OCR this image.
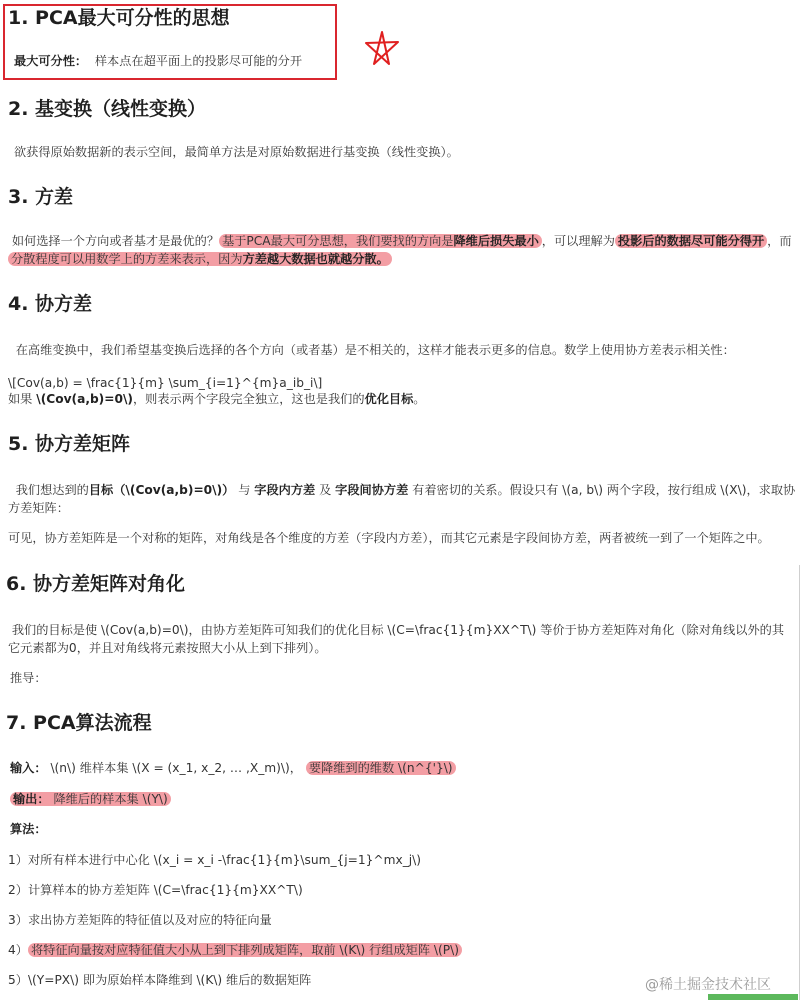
1. PCA最大可分性的思想
最大可分性： 样本点在超平面上的投影尽可能的分开
2. 基变换（线性变换）
欲获得原始数据新的表示空间，最简单方法是对原始数据进行基变换（线性变换）。
3. 方差
如何选择一个方向或者基才是最优的？ 基于PCA最大可分思想，我们要找的方向是降维后损失最小 ，可以理解为 投影后的数据尽可能分得开 ，而分散程度可以用数学上的方差来表示，因为方差越大数据也就越分散。
4. 协方差
在高维变换中，我们希望基变换后选择的各个方向（或者基）是不相关的，这样才能表示更多的信息。数学上使用协方差表示相关性：
\[Cov(a,b) = \frac{1}{m} \sum_{i=1}^{m}a_ib_i\]
如果 \(Cov(a,b)=0\)，则表示两个字段完全独立，这也是我们的优化目标。
5. 协方差矩阵
我们想达到的目标（\(Cov(a,b)=0\)） 与 字段内方差 及 字段间协方差 有着密切的关系。假设只有 \(a, b\) 两个字段，按行组成 \(X\)，求取协方差矩阵：
可见，协方差矩阵是一个对称的矩阵，对角线是各个维度的方差（字段内方差），而其它元素是字段间协方差，两者被统一到了一个矩阵之中。
6. 协方差矩阵对角化
我们的目标是使 \(Cov(a,b)=0\)，由协方差矩阵可知我们的优化目标 \(C=\frac{1}{m}XX^T\) 等价于协方差矩阵对角化（除对角线以外的其它元素都为0，并且对角线将元素按照大小从上到下排列）。
推导：
7. PCA算法流程
输入： \(n\) 维样本集 \(X = (x_1, x_2, … ,X_m)\)， 要降维到的维数 \(n^{'}\)
输出： 降维后的样本集 \(Y\)
算法：
1）对所有样本进行中心化 \(x_i = x_i -\frac{1}{m}\sum_{j=1}^mx_j\)
2）计算样本的协方差矩阵 \(C=\frac{1}{m}XX^T\)
3）求出协方差矩阵的特征值以及对应的特征向量
4） 将特征向量按对应特征值大小从上到下排列成矩阵，取前 \(K\) 行组成矩阵 \(P\)
5）\(Y=PX\) 即为原始样本降维到 \(K\) 维后的数据矩阵	@稀土掘金技术社区
